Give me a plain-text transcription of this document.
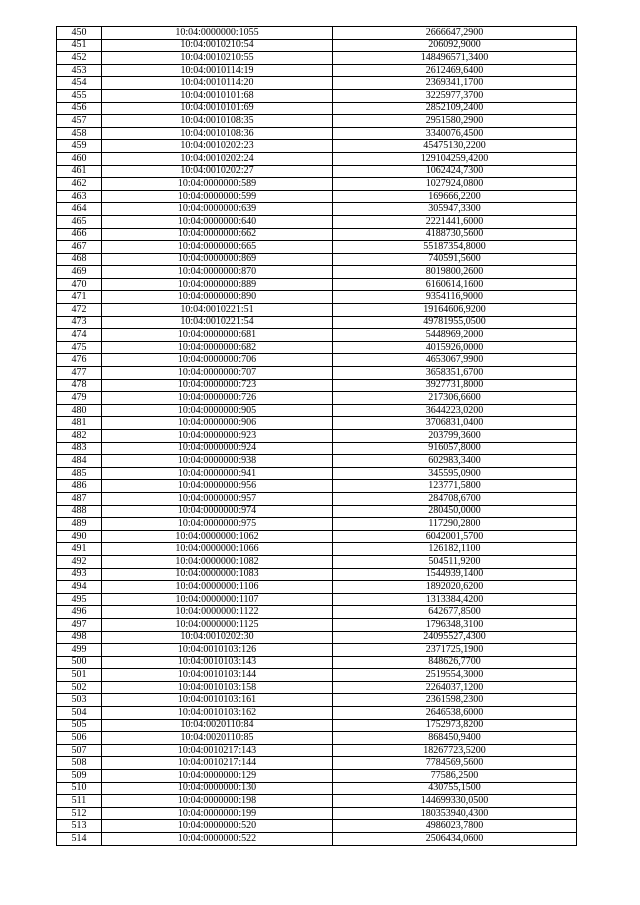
450	10:04:0000000:1055	2666647,2900
451	10:04:0010210:54	206092,9000
452	10:04:0010210:55	148496571,3400
453	10:04:0010114:19	2612469,6400
454	10:04:0010114:20	2369341,1700
455	10:04:0010101:68	3225977,3700
456	10:04:0010101:69	2852109,2400
457	10:04:0010108:35	2951580,2900
458	10:04:0010108:36	3340076,4500
459	10:04:0010202:23	45475130,2200
460	10:04:0010202:24	129104259,4200
461	10:04:0010202:27	1062424,7300
462	10:04:0000000:589	1027924,0800
463	10:04:0000000:599	169666,2200
464	10:04:0000000:639	305947,3300
465	10:04:0000000:640	2221441,6000
466	10:04:0000000:662	4188730,5600
467	10:04:0000000:665	55187354,8000
468	10:04:0000000:869	740591,5600
469	10:04:0000000:870	8019800,2600
470	10:04:0000000:889	6160614,1600
471	10:04:0000000:890	9354116,9000
472	10:04:0010221:51	19164606,9200
473	10:04:0010221:54	49781955,0500
474	10:04:0000000:681	5448969,2000
475	10:04:0000000:682	4015926,0000
476	10:04:0000000:706	4653067,9900
477	10:04:0000000:707	3658351,6700
478	10:04:0000000:723	3927731,8000
479	10:04:0000000:726	217306,6600
480	10:04:0000000:905	3644223,0200
481	10:04:0000000:906	3706831,0400
482	10:04:0000000:923	203799,3600
483	10:04:0000000:924	916057,8000
484	10:04:0000000:938	602983,3400
485	10:04:0000000:941	345595,0900
486	10:04:0000000:956	123771,5800
487	10:04:0000000:957	284708,6700
488	10:04:0000000:974	280450,0000
489	10:04:0000000:975	117290,2800
490	10:04:0000000:1062	6042001,5700
491	10:04:0000000:1066	126182,1100
492	10:04:0000000:1082	504511,9200
493	10:04:0000000:1083	1544939,1400
494	10:04:0000000:1106	1892020,6200
495	10:04:0000000:1107	1313384,4200
496	10:04:0000000:1122	642677,8500
497	10:04:0000000:1125	1796348,3100
498	10:04:0010202:30	24095527,4300
499	10:04:0010103:126	2371725,1900
500	10:04:0010103:143	848626,7700
501	10:04:0010103:144	2519554,3000
502	10:04:0010103:158	2264037,1200
503	10:04:0010103:161	2361598,2300
504	10:04:0010103:162	2646538,6000
505	10:04:0020110:84	1752973,8200
506	10:04:0020110:85	868450,9400
507	10:04:0010217:143	18267723,5200
508	10:04:0010217:144	7784569,5600
509	10:04:0000000:129	77586,2500
510	10:04:0000000:130	430755,1500
511	10:04:0000000:198	144699330,0500
512	10:04:0000000:199	180353940,4300
513	10:04:0000000:520	4986023,7800
514	10:04:0000000:522	2506434,0600
